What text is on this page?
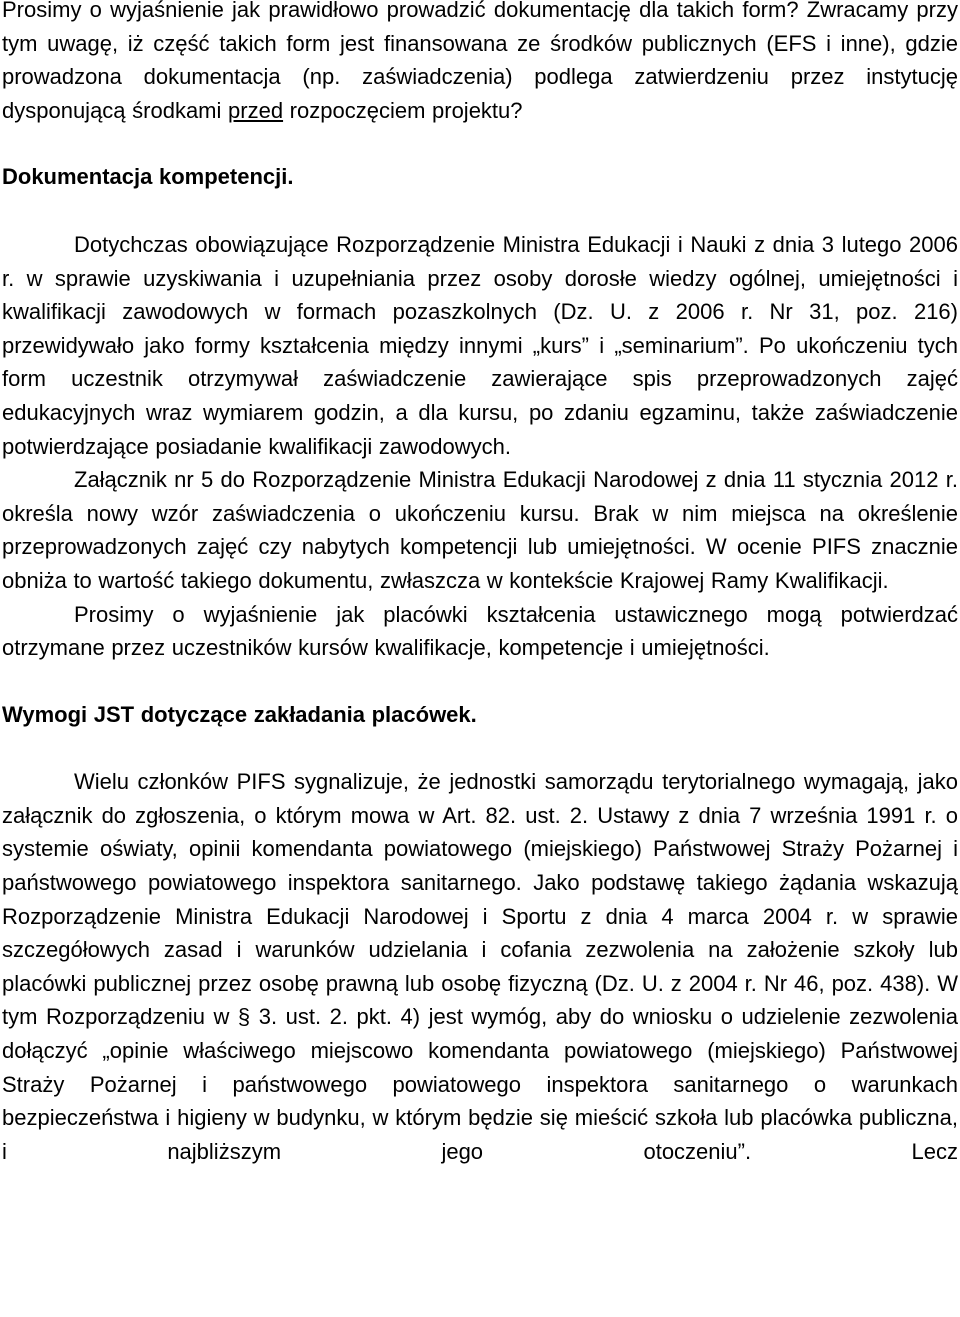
Prosimy o wyjaśnienie jak prawidłowo prowadzić dokumentację dla takich form? Zwracamy przy tym uwagę, iż część takich form jest finansowana ze środków publicznych (EFS i inne), gdzie prowadzona dokumentacja (np. zaświadczenia) podlega zatwierdzeniu przez instytucję dysponującą środkami przed rozpoczęciem projektu?

Dokumentacja kompetencji.

Dotychczas obowiązujące Rozporządzenie Ministra Edukacji i Nauki z dnia 3 lutego 2006 r. w sprawie uzyskiwania i uzupełniania przez osoby dorosłe wiedzy ogólnej, umiejętności i kwalifikacji zawodowych w formach pozaszkolnych (Dz. U. z 2006 r. Nr 31, poz. 216) przewidywało jako formy kształcenia między innymi „kurs” i „seminarium”. Po ukończeniu tych form uczestnik otrzymywał zaświadczenie zawierające spis przeprowadzonych zajęć edukacyjnych wraz wymiarem godzin, a dla kursu, po zdaniu egzaminu, także zaświadczenie potwierdzające posiadanie kwalifikacji zawodowych.

Załącznik nr 5 do Rozporządzenie Ministra Edukacji Narodowej z dnia 11 stycznia 2012 r. określa nowy wzór zaświadczenia o ukończeniu kursu. Brak w nim miejsca na określenie przeprowadzonych zajęć czy nabytych kompetencji lub umiejętności. W ocenie PIFS znacznie obniża to wartość takiego dokumentu, zwłaszcza w kontekście Krajowej Ramy Kwalifikacji.

Prosimy o wyjaśnienie jak placówki kształcenia ustawicznego mogą potwierdzać otrzymane przez uczestników kursów kwalifikacje, kompetencje i umiejętności.

Wymogi JST dotyczące zakładania placówek.

Wielu członków PIFS sygnalizuje, że jednostki samorządu terytorialnego wymagają, jako załącznik do zgłoszenia, o którym mowa w Art. 82. ust. 2. Ustawy z dnia 7 września 1991 r. o systemie oświaty, opinii komendanta powiatowego (miejskiego) Państwowej Straży Pożarnej i państwowego powiatowego inspektora sanitarnego. Jako podstawę takiego żądania wskazują Rozporządzenie Ministra Edukacji Narodowej i Sportu z dnia 4 marca 2004 r. w sprawie szczegółowych zasad i warunków udzielania i cofania zezwolenia na założenie szkoły lub placówki publicznej przez osobę prawną lub osobę fizyczną (Dz. U. z 2004 r. Nr 46, poz. 438). W tym Rozporządzeniu w § 3. ust. 2. pkt. 4) jest wymóg, aby do wniosku o udzielenie zezwolenia dołączyć „opinie właściwego miejscowo komendanta powiatowego (miejskiego) Państwowej Straży Pożarnej i państwowego powiatowego inspektora sanitarnego o warunkach bezpieczeństwa i higieny w budynku, w którym będzie się mieścić szkoła lub placówka publiczna, i najbliższym jego otoczeniu”. Lecz
